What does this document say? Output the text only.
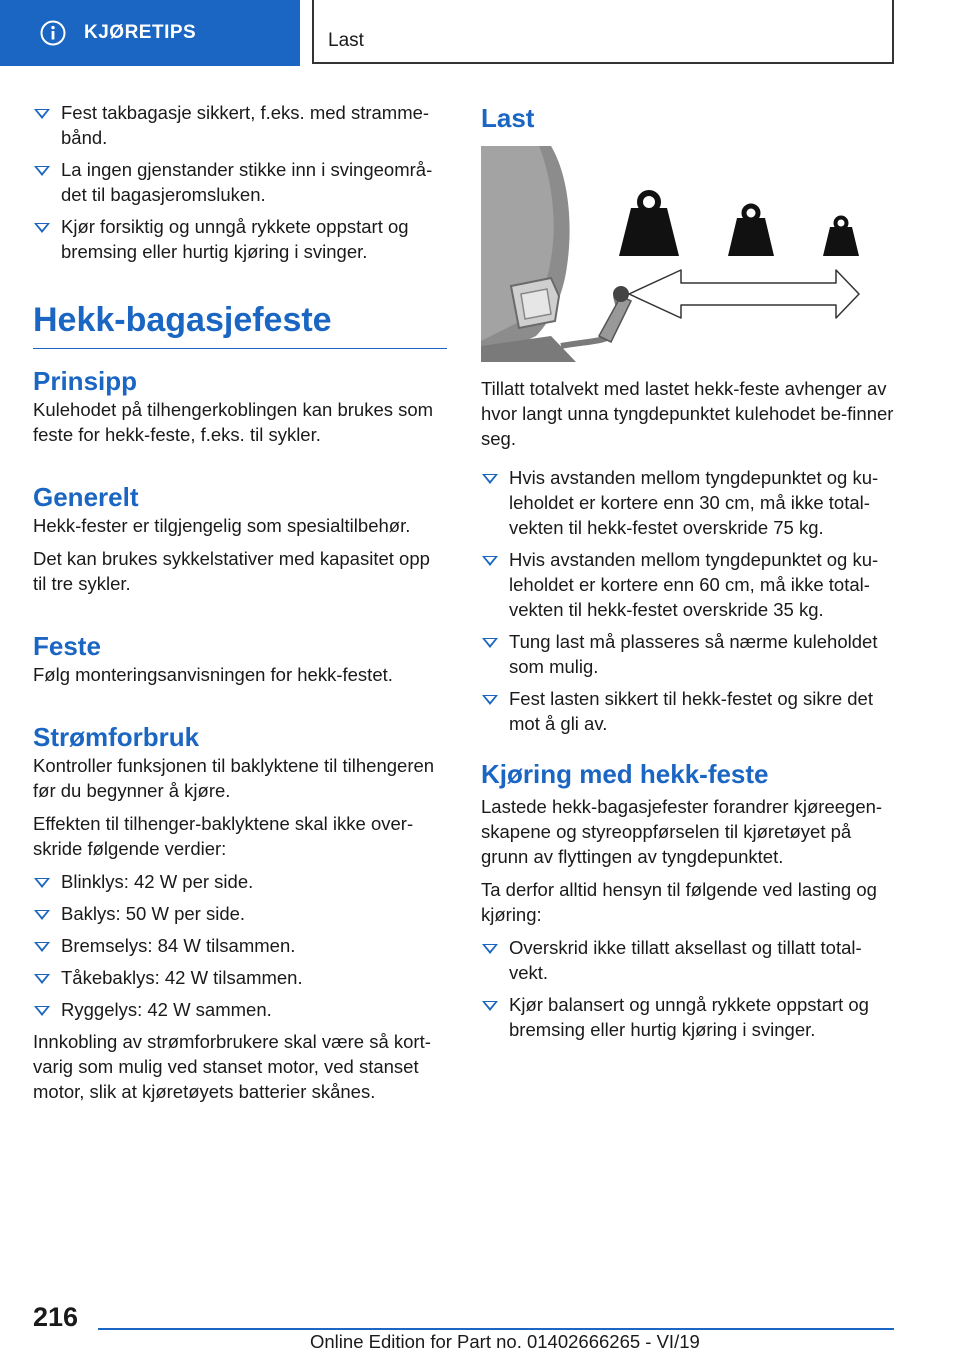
KJØRETIPS	Last
Fest takbagasje sikkert, f.eks. med stramme-bånd.
La ingen gjenstander stikke inn i svingeområ-det til bagasjeromsluken.
Kjør forsiktig og unngå rykkete oppstart og bremsing eller hurtig kjøring i svinger.
Hekk-bagasjefeste
Prinsipp

Kulehodet på tilhengerkoblingen kan brukes som feste for hekk-feste, f.eks. til sykler.

Generelt

Hekk-fester er tilgjengelig som spesialtilbehør.

Det kan brukes sykkelstativer med kapasitet opp til tre sykler.

Feste

Følg monteringsanvisningen for hekk-festet.

Strømforbruk

Kontroller funksjonen til baklyktene til tilhengeren før du begynner å kjøre.

Effekten til tilhenger-baklyktene skal ikke over-skride følgende verdier:

Blinklys: 42 W per side.
Baklys: 50 W per side.
Bremselys: 84 W tilsammen.
Tåkebaklys: 42 W tilsammen.
Ryggelys: 42 W sammen.

Innkobling av strømforbrukere skal være så kort-varig som mulig ved stanset motor, ved stanset motor, slik at kjøretøyets batterier skånes.

Last

Tillatt totalvekt med lastet hekk-feste avhenger av hvor langt unna tyngdepunktet kulehodet be-finner seg.

Hvis avstanden mellom tyngdepunktet og ku-leholdet er kortere enn 30 cm, må ikke total-vekten til hekk-festet overskride 75 kg.
Hvis avstanden mellom tyngdepunktet og ku-leholdet er kortere enn 60 cm, må ikke total-vekten til hekk-festet overskride 35 kg.
Tung last må plasseres så nærme kuleholdet som mulig.
Fest lasten sikkert til hekk-festet og sikre det mot å gli av.
Kjøring med hekk-feste

Lastede hekk-bagasjefester forandrer kjøreegen-skapene og styreoppførselen til kjøretøyet på grunn av flyttingen av tyngdepunktet.

Ta derfor alltid hensyn til følgende ved lasting og kjøring:

Overskrid ikke tillatt aksellast og tillatt total-vekt.
Kjør balansert og unngå rykkete oppstart og bremsing eller hurtig kjøring i svinger.
216
Online Edition for Part no. 01402666265 - VI/19
